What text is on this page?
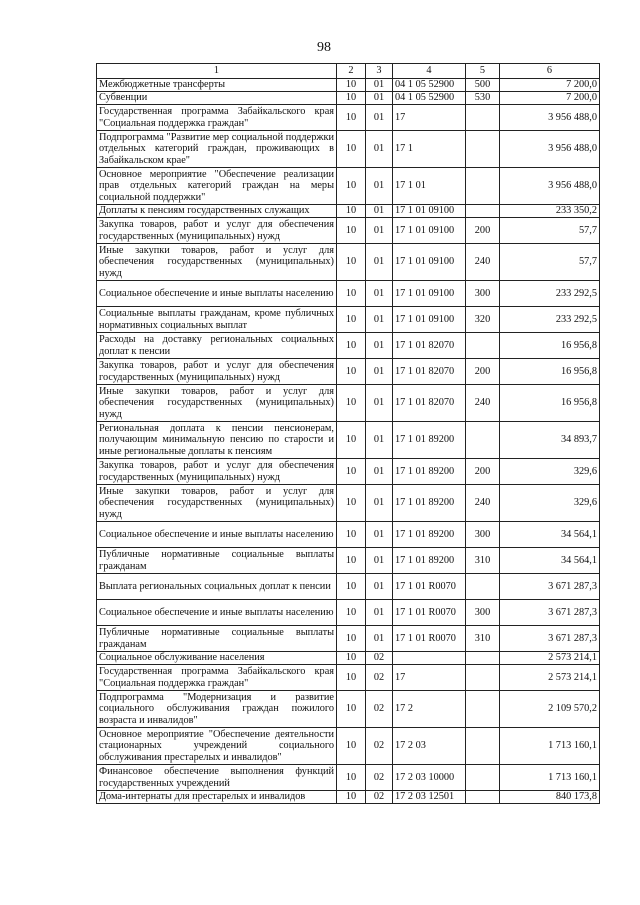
98
1	2	3	4	5	6
Межбюджетные трансферты	10	01	04 1 05 52900	500	7 200,0
Субвенции	10	01	04 1 05 52900	530	7 200,0
Государственная программа Забайкальского края "Социальная поддержка граждан"	10	01	17		3 956 488,0
Подпрограмма "Развитие мер социальной поддержки отдельных категорий граждан, проживающих в Забайкальском крае"	10	01	17 1		3 956 488,0
Основное мероприятие "Обеспечение реализации прав отдельных категорий граждан на меры социальной поддержки"	10	01	17 1 01		3 956 488,0
Доплаты к пенсиям государственных служащих	10	01	17 1 01 09100		233 350,2
Закупка товаров, работ и услуг для обеспечения государственных (муниципальных) нужд	10	01	17 1 01 09100	200	57,7
Иные закупки товаров, работ и услуг для обеспечения государственных (муниципальных) нужд	10	01	17 1 01 09100	240	57,7
Социальное обеспечение и иные выплаты населению	10	01	17 1 01 09100	300	233 292,5
Социальные выплаты гражданам, кроме публичных нормативных социальных выплат	10	01	17 1 01 09100	320	233 292,5
Расходы на доставку региональных социальных доплат к пенсии	10	01	17 1 01 82070		16 956,8
Закупка товаров, работ и услуг для обеспечения государственных (муниципальных) нужд	10	01	17 1 01 82070	200	16 956,8
Иные закупки товаров, работ и услуг для обеспечения государственных (муниципальных) нужд	10	01	17 1 01 82070	240	16 956,8
Региональная доплата к пенсии пенсионерам, получающим минимальную пенсию по старости и иные региональные доплаты к пенсиям	10	01	17 1 01 89200		34 893,7
Закупка товаров, работ и услуг для обеспечения государственных (муниципальных) нужд	10	01	17 1 01 89200	200	329,6
Иные закупки товаров, работ и услуг для обеспечения государственных (муниципальных) нужд	10	01	17 1 01 89200	240	329,6
Социальное обеспечение и иные выплаты населению	10	01	17 1 01 89200	300	34 564,1
Публичные нормативные социальные выплаты гражданам	10	01	17 1 01 89200	310	34 564,1
Выплата региональных социальных доплат к пенсии	10	01	17 1 01 R0070		3 671 287,3
Социальное обеспечение и иные выплаты населению	10	01	17 1 01 R0070	300	3 671 287,3
Публичные нормативные социальные выплаты гражданам	10	01	17 1 01 R0070	310	3 671 287,3
Социальное обслуживание населения	10	02			2 573 214,1
Государственная программа Забайкальского края "Социальная поддержка граждан"	10	02	17		2 573 214,1
Подпрограмма "Модернизация и развитие социального обслуживания граждан пожилого возраста и инвалидов"	10	02	17 2		2 109 570,2
Основное мероприятие "Обеспечение деятельности стационарных учреждений социального обслуживания престарелых и инвалидов"	10	02	17 2 03		1 713 160,1
Финансовое обеспечение выполнения функций государственных учреждений	10	02	17 2 03 10000		1 713 160,1
Дома-интернаты для престарелых и инвалидов	10	02	17 2 03 12501		840 173,8
